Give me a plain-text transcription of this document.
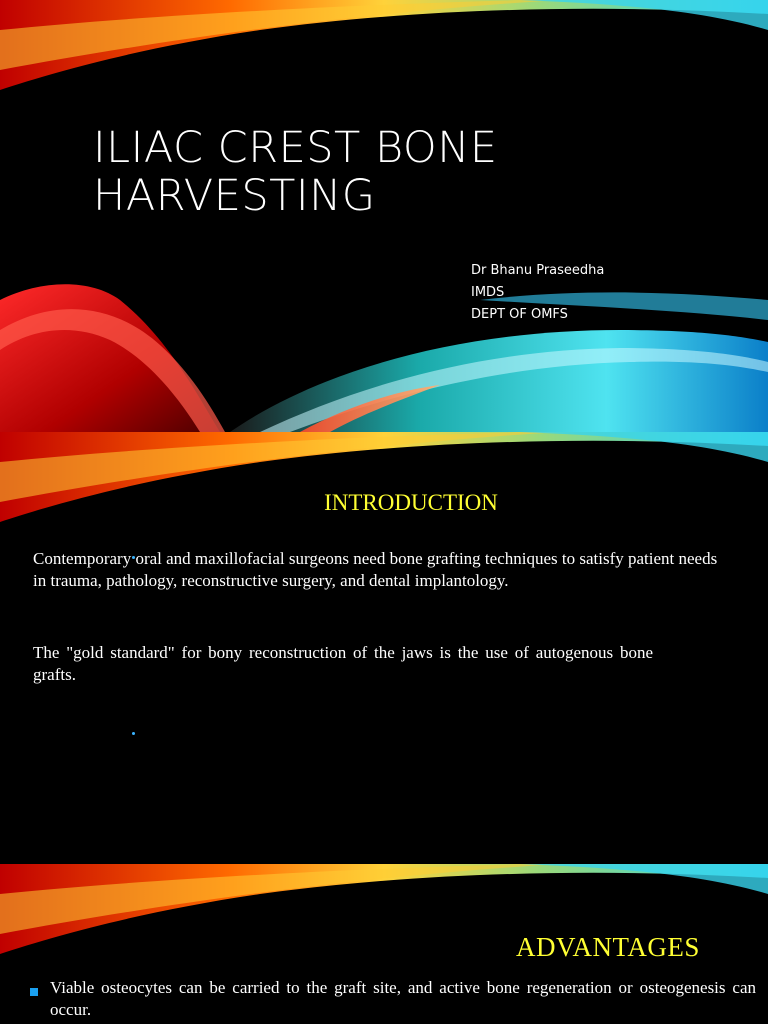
ILIAC CREST BONE
HARVESTING
Dr Bhanu Praseedha
IMDS
DEPT OF OMFS
INTRODUCTION

Contemporary oral and maxillofacial surgeons need bone grafting techniques to satisfy patient needs in trauma, pathology, reconstructive surgery, and dental implantology.

The "gold standard" for bony reconstruction of the jaws is the use of autogenous bone grafts.

ADVANTAGES

Viable osteocytes can be carried to the graft site, and active bone regeneration or osteogenesis can occur.
